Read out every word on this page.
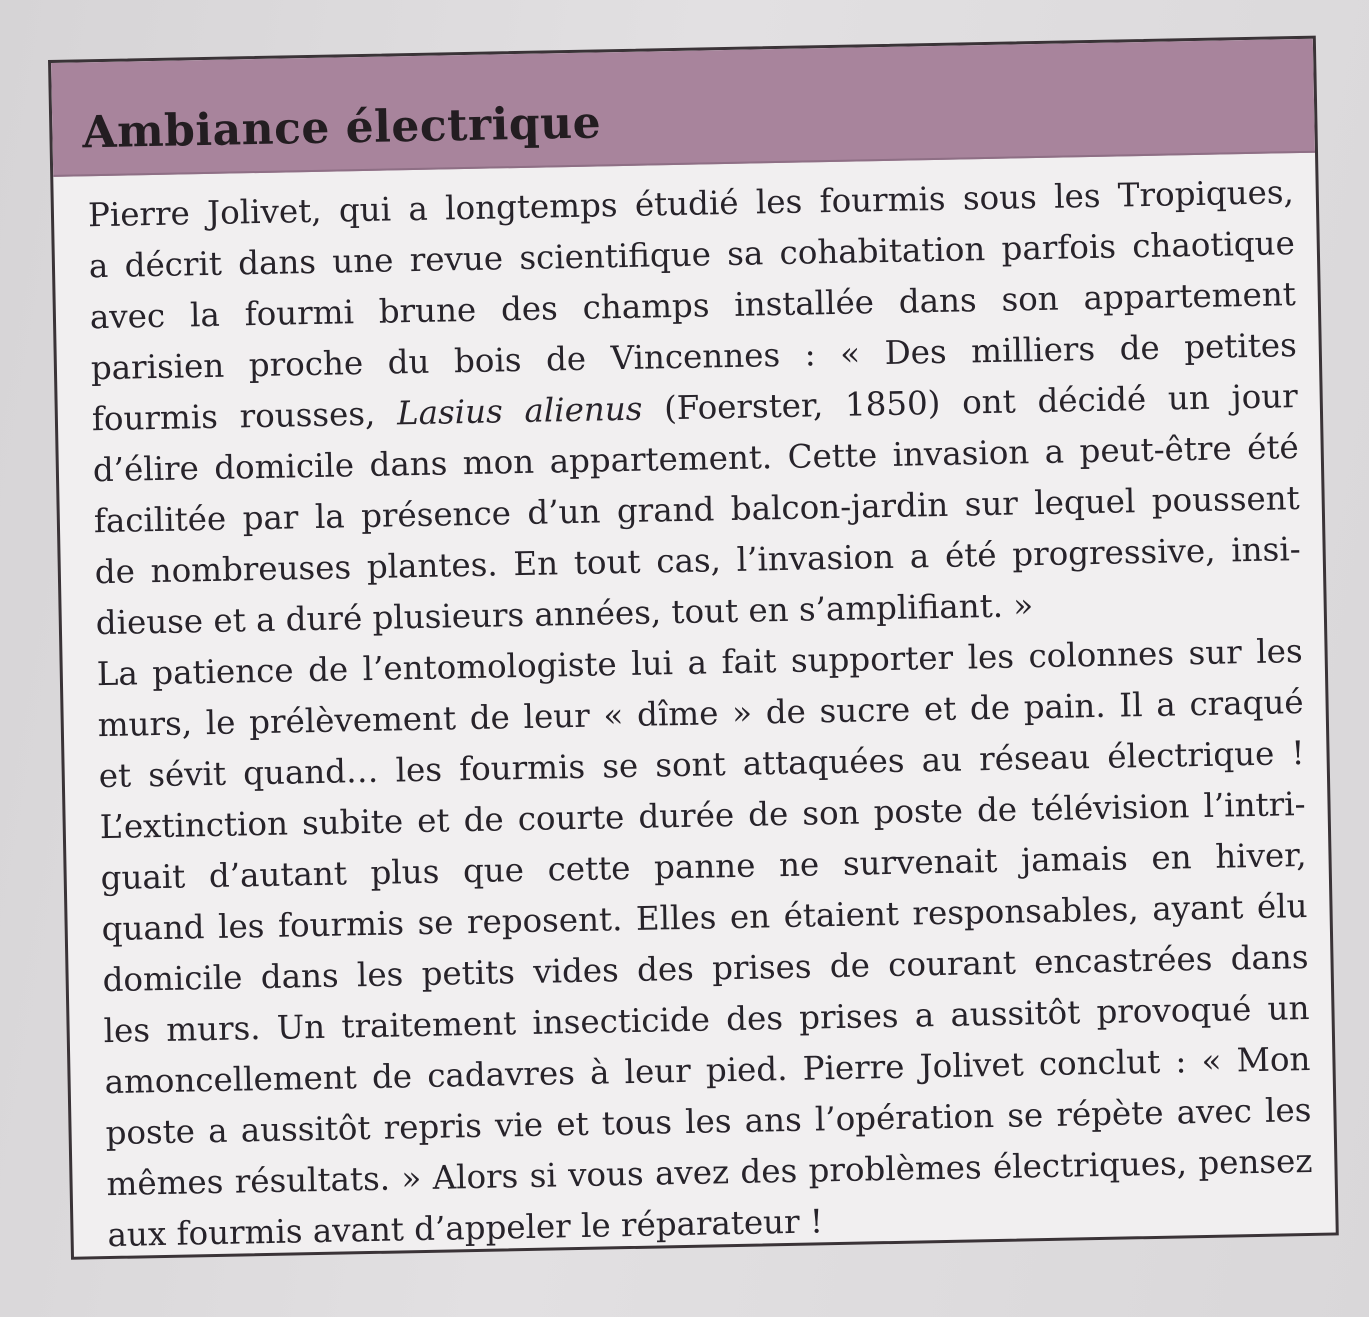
Ambiance électrique
Pierre Jolivet, qui a longtemps étudié les fourmis sous les Tropiques,
a décrit dans une revue scientifique sa cohabitation parfois chaotique
avec la fourmi brune des champs installée dans son appartement
parisien proche du bois de Vincennes : « Des milliers de petites
fourmis rousses, Lasius alienus (Foerster, 1850) ont décidé un jour
d’élire domicile dans mon appartement. Cette invasion a peut-être été
facilitée par la présence d’un grand balcon-jardin sur lequel poussent
de nombreuses plantes. En tout cas, l’invasion a été progressive, insi-
dieuse et a duré plusieurs années, tout en s’amplifiant. »
La patience de l’entomologiste lui a fait supporter les colonnes sur les
murs, le prélèvement de leur « dîme » de sucre et de pain. Il a craqué
et sévit quand… les fourmis se sont attaquées au réseau électrique !
L’extinction subite et de courte durée de son poste de télévision l’intri-
guait d’autant plus que cette panne ne survenait jamais en hiver,
quand les fourmis se reposent. Elles en étaient responsables, ayant élu
domicile dans les petits vides des prises de courant encastrées dans
les murs. Un traitement insecticide des prises a aussitôt provoqué un
amoncellement de cadavres à leur pied. Pierre Jolivet conclut : « Mon
poste a aussitôt repris vie et tous les ans l’opération se répète avec les
mêmes résultats. » Alors si vous avez des problèmes électriques, pensez
aux fourmis avant d’appeler le réparateur !
